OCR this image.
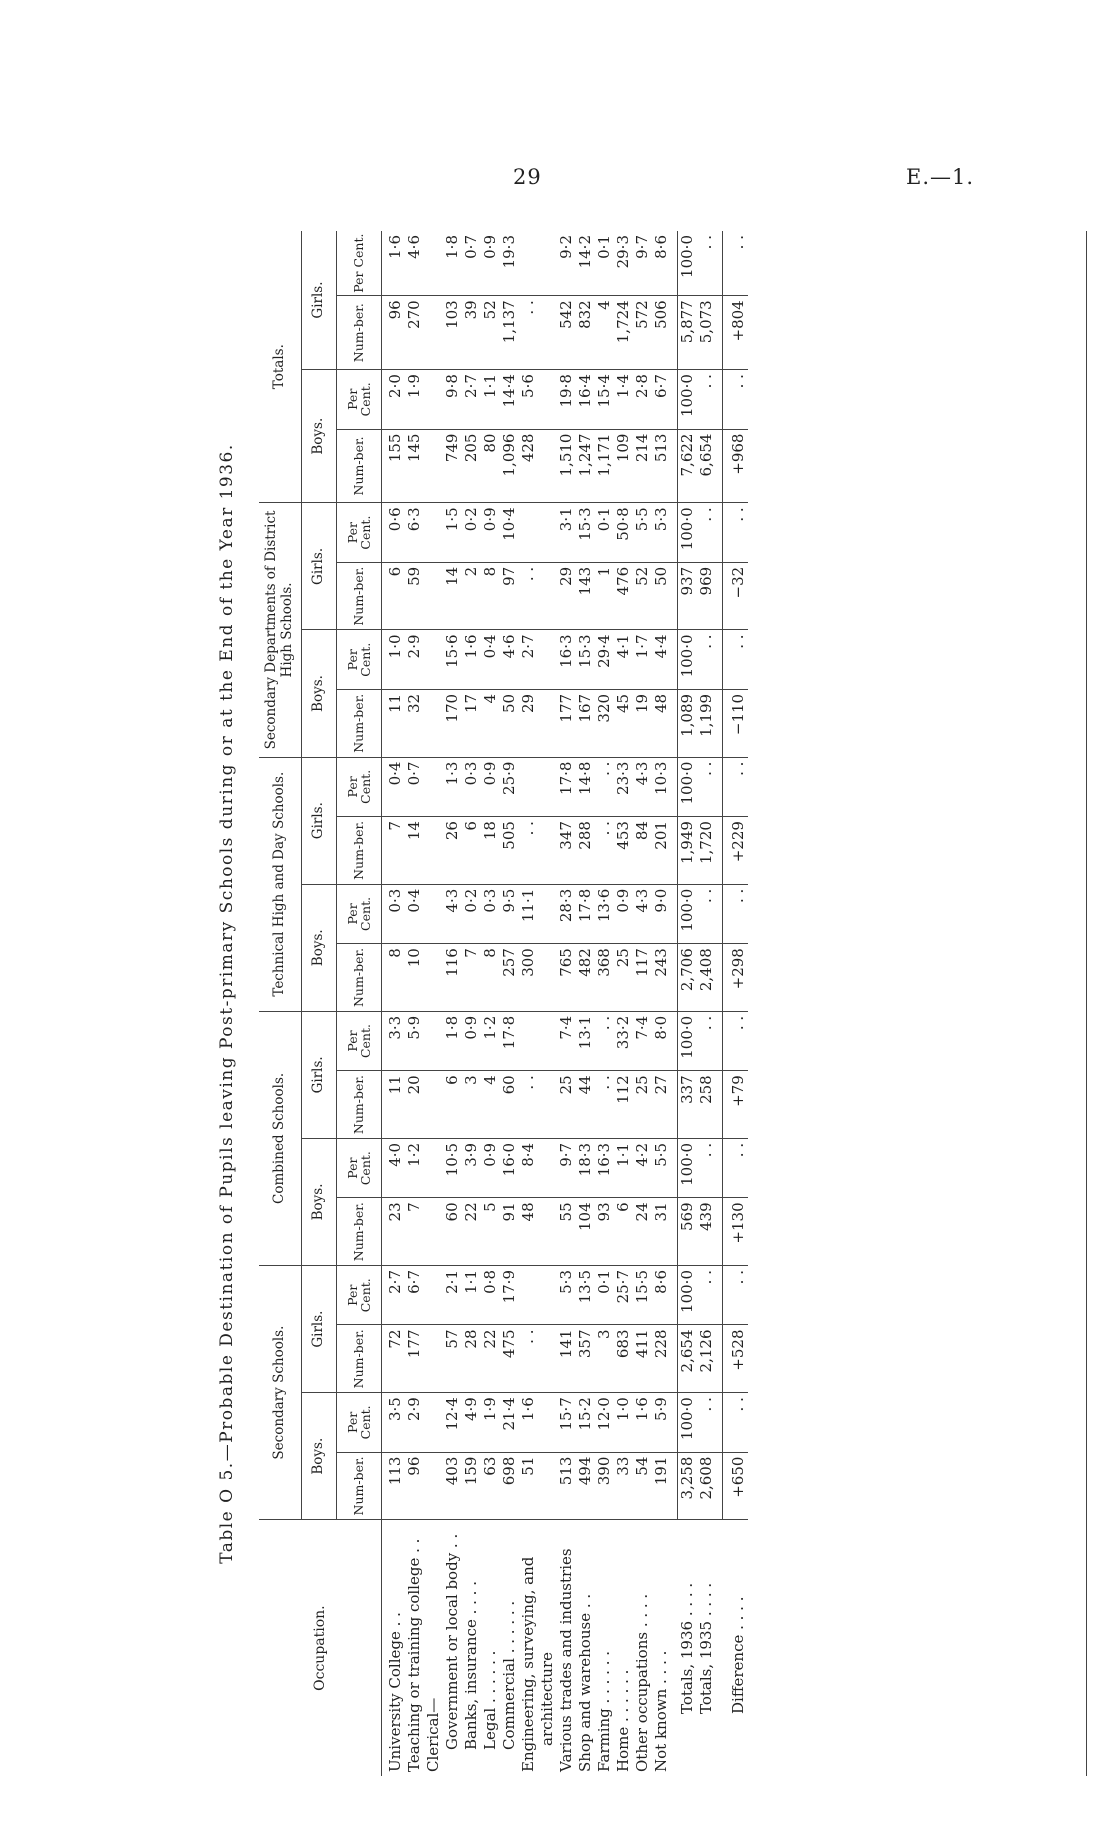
29	E.—1.
Table O 5.—Probable Destination of Pupils leaving Post-primary Schools during or at the End of the Year 1936.
Occupation.	Secondary Schools.				Combined Schools.				Technical High and Day Schools.				Secondary Departments of District High Schools.				Totals.			
	Boys.		Girls.		Boys.		Girls.		Boys.		Girls.		Boys.		Girls.		Boys.		Girls.	
	Num-ber.	Per Cent.	Num-ber.	Per Cent.	Num-ber.	Per Cent.	Num-ber.	Per Cent.	Num-ber.	Per Cent.	Num-ber.	Per Cent.	Num-ber.	Per Cent.	Num-ber.	Per Cent.	Num-ber.	Per Cent.	Num-ber.	Per Cent.
University College . .	113	3·5	72	2·7	23	4·0	11	3·3	8	0·3	7	0·4	11	1·0	6	0·6	155	2·0	96	1·6
Teaching or training college . .	96	2·9	177	6·7	7	1·2	20	5·9	10	0·4	14	0·7	32	2·9	59	6·3	145	1·9	270	4·6
Clerical—																				
Government or local body . .	403	12·4	57	2·1	60	10·5	6	1·8	116	4·3	26	1·3	170	15·6	14	1·5	749	9·8	103	1·8
Banks, insurance . . . .	159	4·9	28	1·1	22	3·9	3	0·9	7	0·2	6	0·3	17	1·6	2	0·2	205	2·7	39	0·7
Legal . . . . . .	63	1·9	22	0·8	5	0·9	4	1·2	8	0·3	18	0·9	4	0·4	8	0·9	80	1·1	52	0·9
Commercial . . . . . .	698	21·4	475	17·9	91	16·0	60	17·8	257	9·5	505	25·9	50	4·6	97	10·4	1,096	14·4	1,137	19·3
Engineering, surveying, and	51	1·6	. .		48	8·4	. .		300	11·1	. .		29	2·7	. .		428	5·6	. .	
architecture																				
Various trades and industries	513	15·7	141	5·3	55	9·7	25	7·4	765	28·3	347	17·8	177	16·3	29	3·1	1,510	19·8	542	9·2
Shop and warehouse . .	494	15·2	357	13·5	104	18·3	44	13·1	482	17·8	288	14·8	167	15·3	143	15·3	1,247	16·4	832	14·2
Farming . . . . . .	390	12·0	3	0·1	93	16·3	. .	. .	368	13·6	. .	. .	320	29·4	1	0·1	1,171	15·4	4	0·1
Home . . . . . .	33	1·0	683	25·7	6	1·1	112	33·2	25	0·9	453	23·3	45	4·1	476	50·8	109	1·4	1,724	29·3
Other occupations . . . .	54	1·6	411	15·5	24	4·2	25	7·4	117	4·3	84	4·3	19	1·7	52	5·5	214	2·8	572	9·7
Not known . . . .	191	5·9	228	8·6	31	5·5	27	8·0	243	9·0	201	10·3	48	4·4	50	5·3	513	6·7	506	8·6

Totals, 1936 . . . .	3,258	100·0	2,654	100·0	569	100·0	337	100·0	2,706	100·0	1,949	100·0	1,089	100·0	937	100·0	7,622	100·0	5,877	100·0
Totals, 1935 . . . .	2,608	. .	2,126	. .	439	. .	258	. .	2,408	. .	1,720	. .	1,199	. .	969	. .	6,654	. .	5,073	. .

Difference . . . .	+650	. .	+528	. .	+130	. .	+79	. .	+298	. .	+229	. .	−110	. .	−32	. .	+968	. .	+804	. .
